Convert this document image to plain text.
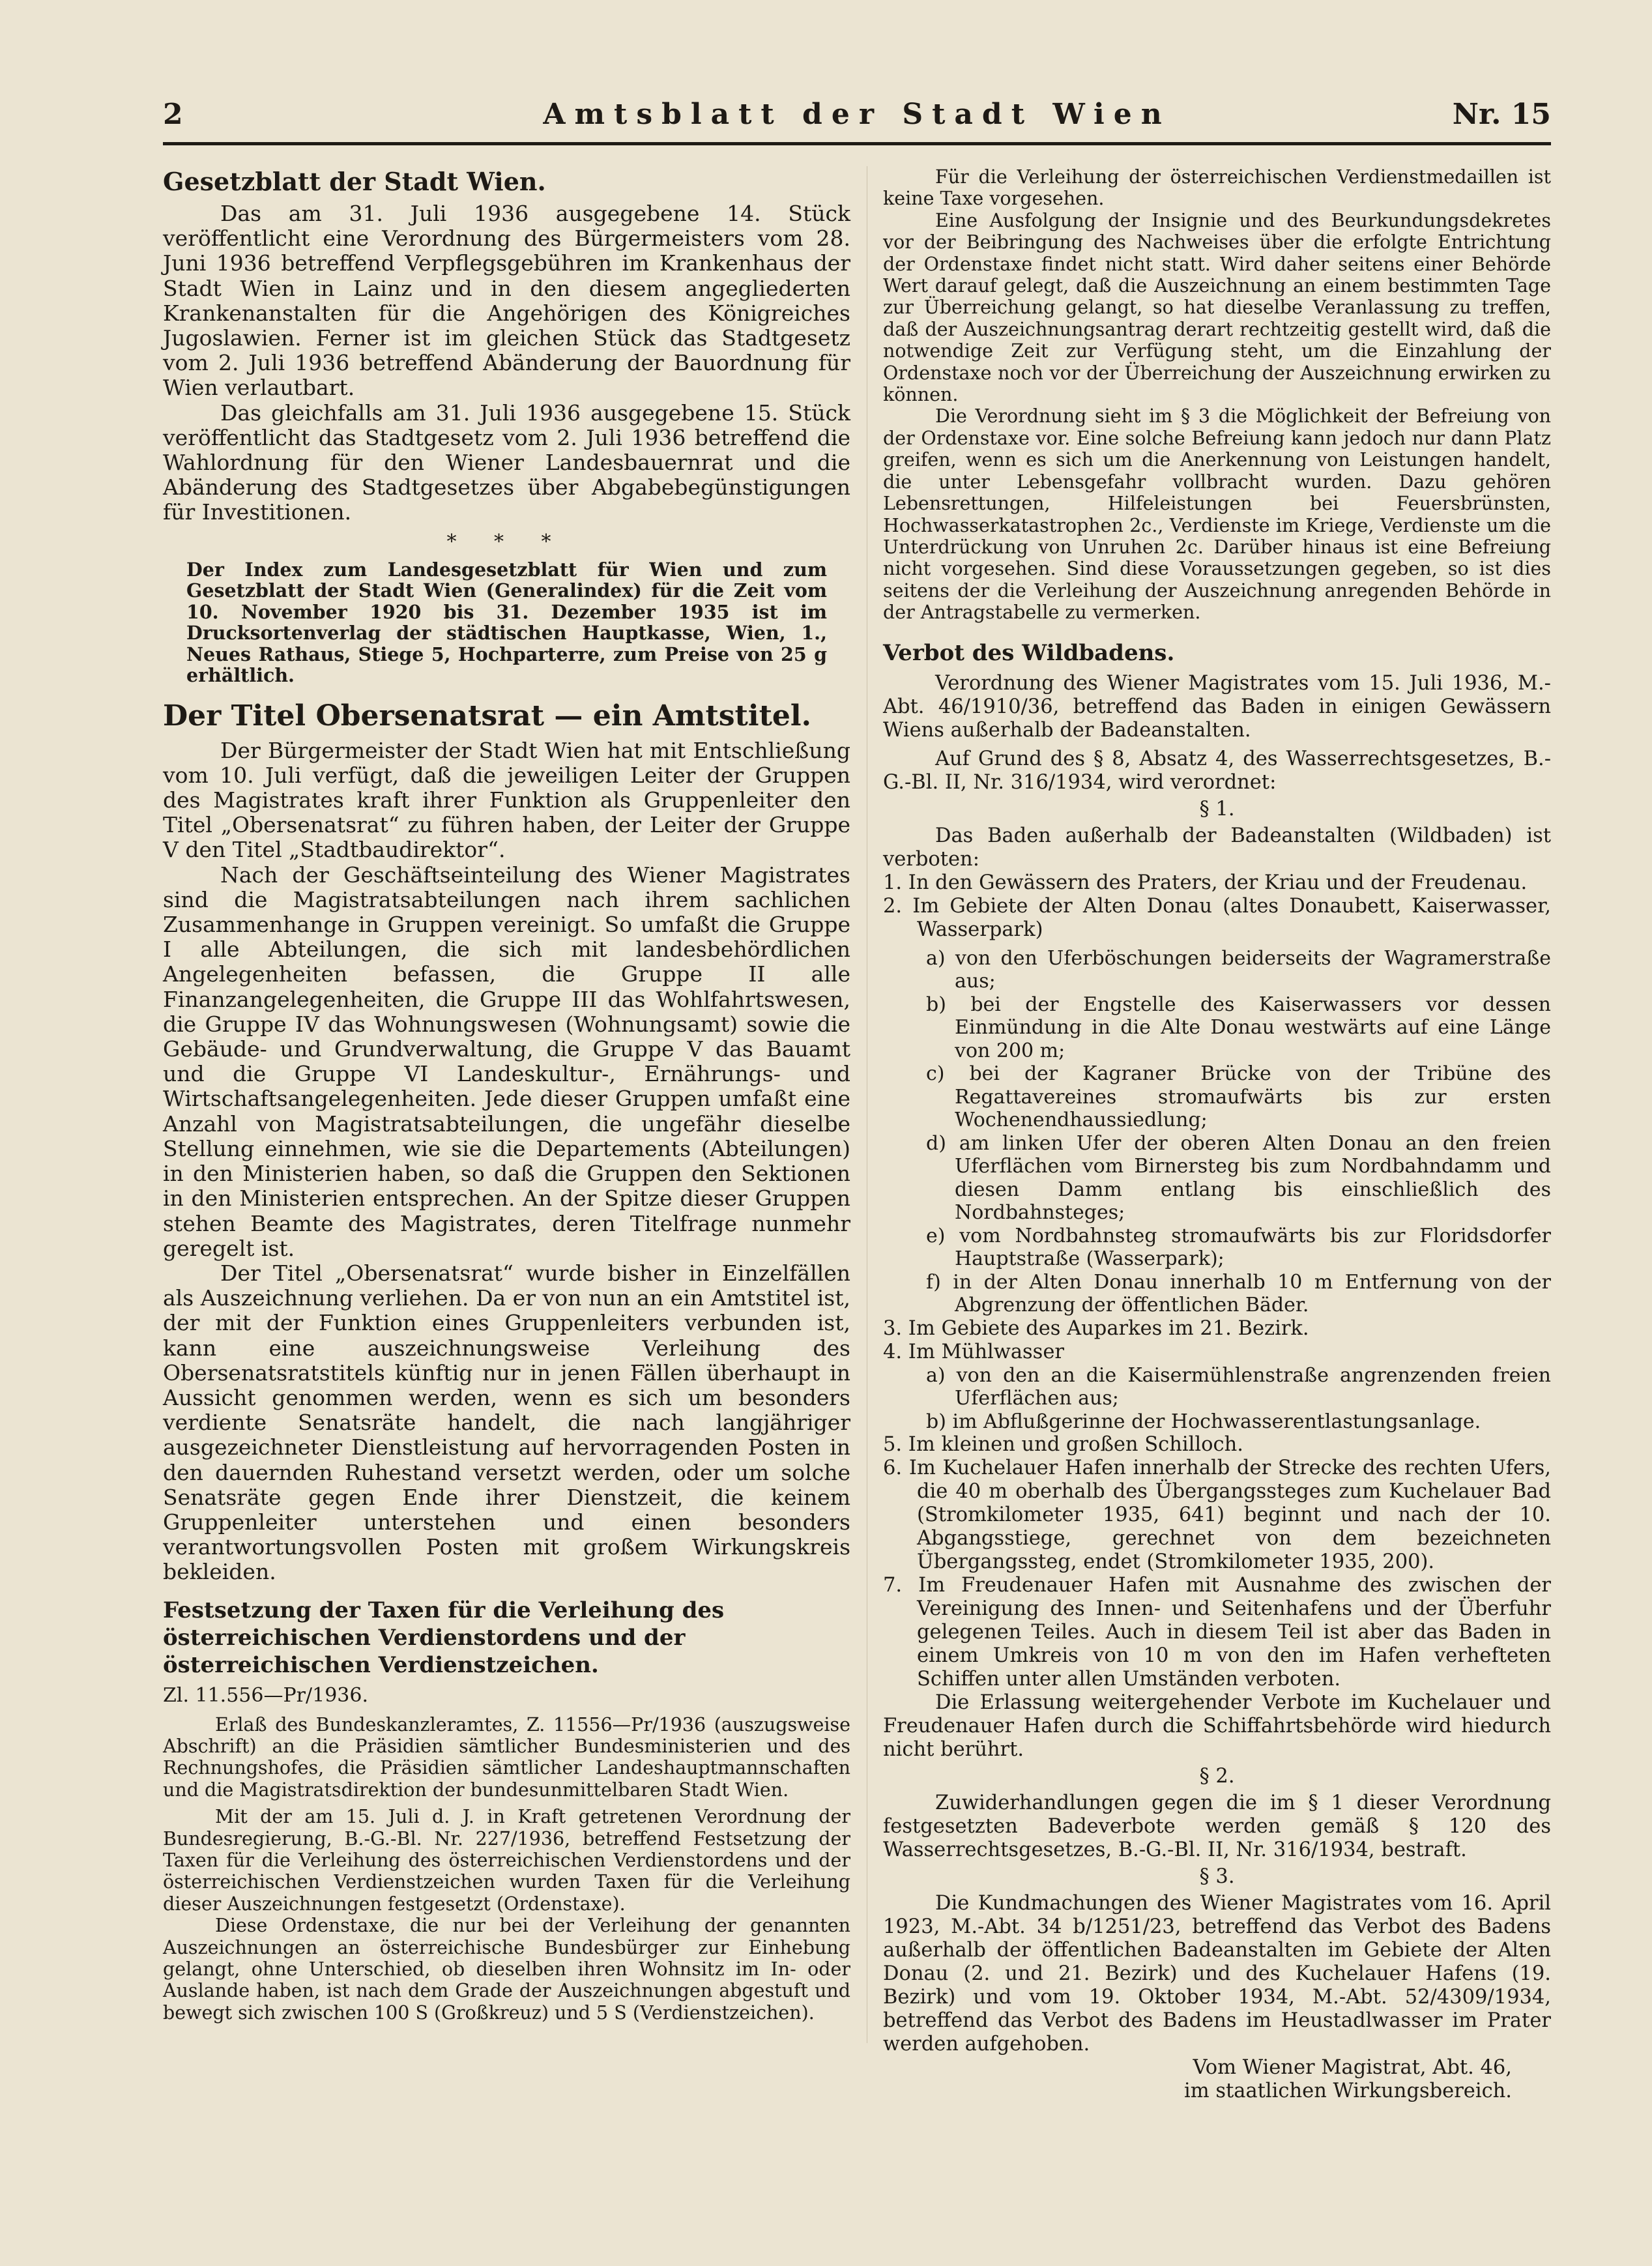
2	Amtsblatt der Stadt Wien	Nr. 15
Gesetzblatt der Stadt Wien.

Das am 31. Juli 1936 ausgegebene 14. Stück veröffentlicht eine Verordnung des Bürgermeisters vom 28. Juni 1936 betreffend Verpflegsgebühren im Krankenhaus der Stadt Wien in Lainz und in den diesem angegliederten Krankenanstalten für die Angehörigen des Königreiches Jugoslawien. Ferner ist im gleichen Stück das Stadtgesetz vom 2. Juli 1936 betreffend Abänderung der Bauordnung für Wien verlautbart.

Das gleichfalls am 31. Juli 1936 ausgegebene 15. Stück veröffentlicht das Stadtgesetz vom 2. Juli 1936 betreffend die Wahlordnung für den Wiener Landesbauernrat und die Abänderung des Stadtgesetzes über Abgabebegünstigungen für Investitionen.

* * *

Der Index zum Landesgesetzblatt für Wien und zum Gesetzblatt der Stadt Wien (Generalindex) für die Zeit vom 10. November 1920 bis 31. Dezember 1935 ist im Drucksortenverlag der städtischen Hauptkasse, Wien, 1., Neues Rathaus, Stiege 5, Hochparterre, zum Preise von 25 g erhältlich.

Der Titel Obersenatsrat — ein Amtstitel.

Der Bürgermeister der Stadt Wien hat mit Entschließung vom 10. Juli verfügt, daß die jeweiligen Leiter der Gruppen des Magistrates kraft ihrer Funktion als Gruppenleiter den Titel „Obersenatsrat“ zu führen haben, der Leiter der Gruppe V den Titel „Stadtbaudirektor“.

Nach der Geschäftseinteilung des Wiener Magistrates sind die Magistratsabteilungen nach ihrem sachlichen Zusammenhange in Gruppen vereinigt. So umfaßt die Gruppe I alle Abteilungen, die sich mit landesbehördlichen Angelegenheiten befassen, die Gruppe II alle Finanzangelegenheiten, die Gruppe III das Wohlfahrtswesen, die Gruppe IV das Wohnungswesen (Wohnungsamt) sowie die Gebäude- und Grundverwaltung, die Gruppe V das Bauamt und die Gruppe VI Landeskultur-, Ernährungs- und Wirtschaftsangelegenheiten. Jede dieser Gruppen umfaßt eine Anzahl von Magistratsabteilungen, die ungefähr dieselbe Stellung einnehmen, wie sie die Departements (Abteilungen) in den Ministerien haben, so daß die Gruppen den Sektionen in den Ministerien entsprechen. An der Spitze dieser Gruppen stehen Beamte des Magistrates, deren Titelfrage nunmehr geregelt ist.

Der Titel „Obersenatsrat“ wurde bisher in Einzelfällen als Auszeichnung verliehen. Da er von nun an ein Amtstitel ist, der mit der Funktion eines Gruppenleiters verbunden ist, kann eine auszeichnungsweise Verleihung des Obersenatsratstitels künftig nur in jenen Fällen überhaupt in Aussicht genommen werden, wenn es sich um besonders verdiente Senatsräte handelt, die nach langjähriger ausgezeichneter Dienstleistung auf hervorragenden Posten in den dauernden Ruhestand versetzt werden, oder um solche Senatsräte gegen Ende ihrer Dienstzeit, die keinem Gruppenleiter unterstehen und einen besonders verantwortungsvollen Posten mit großem Wirkungskreis bekleiden.

Festsetzung der Taxen für die Verleihung des österreichischen Verdienstordens und der österreichischen Verdienstzeichen.
Zl. 11.556—Pr/1936.

Erlaß des Bundeskanzleramtes, Z. 11556—Pr/1936 (auszugsweise Abschrift) an die Präsidien sämtlicher Bundesministerien und des Rechnungshofes, die Präsidien sämtlicher Landeshauptmannschaften und die Magistratsdirektion der bundesunmittelbaren Stadt Wien.

Mit der am 15. Juli d. J. in Kraft getretenen Verordnung der Bundesregierung, B.-G.-Bl. Nr. 227/1936, betreffend Festsetzung der Taxen für die Verleihung des österreichischen Verdienstordens und der österreichischen Verdienstzeichen wurden Taxen für die Verleihung dieser Auszeichnungen festgesetzt (Ordenstaxe).

Diese Ordenstaxe, die nur bei der Verleihung der genannten Auszeichnungen an österreichische Bundesbürger zur Einhebung gelangt, ohne Unterschied, ob dieselben ihren Wohnsitz im In- oder Auslande haben, ist nach dem Grade der Auszeichnungen abgestuft und bewegt sich zwischen 100 S (Großkreuz) und 5 S (Verdienstzeichen).

Für die Verleihung der österreichischen Verdienstmedaillen ist keine Taxe vorgesehen.

Eine Ausfolgung der Insignie und des Beurkundungsdekretes vor der Beibringung des Nachweises über die erfolgte Entrichtung der Ordenstaxe findet nicht statt. Wird daher seitens einer Behörde Wert darauf gelegt, daß die Auszeichnung an einem bestimmten Tage zur Überreichung gelangt, so hat dieselbe Veranlassung zu treffen, daß der Auszeichnungsantrag derart rechtzeitig gestellt wird, daß die notwendige Zeit zur Verfügung steht, um die Einzahlung der Ordenstaxe noch vor der Überreichung der Auszeichnung erwirken zu können.

Die Verordnung sieht im § 3 die Möglichkeit der Befreiung von der Ordenstaxe vor. Eine solche Befreiung kann jedoch nur dann Platz greifen, wenn es sich um die Anerkennung von Leistungen handelt, die unter Lebensgefahr vollbracht wurden. Dazu gehören Lebensrettungen, Hilfeleistungen bei Feuersbrünsten, Hochwasserkatastrophen 2c., Verdienste im Kriege, Verdienste um die Unterdrückung von Unruhen 2c. Darüber hinaus ist eine Befreiung nicht vorgesehen. Sind diese Voraussetzungen gegeben, so ist dies seitens der die Verleihung der Auszeichnung anregenden Behörde in der Antragstabelle zu vermerken.

Verbot des Wildbadens.

Verordnung des Wiener Magistrates vom 15. Juli 1936, M.-Abt. 46/1910/36, betreffend das Baden in einigen Gewässern Wiens außerhalb der Badeanstalten.

Auf Grund des § 8, Absatz 4, des Wasserrechtsgesetzes, B.-G.-Bl. II, Nr. 316/1934, wird verordnet:

§ 1.

Das Baden außerhalb der Badeanstalten (Wildbaden) ist verboten:

1. In den Gewässern des Praters, der Kriau und der Freudenau.

2. Im Gebiete der Alten Donau (altes Donaubett, Kaiserwasser, Wasserpark)

a) von den Uferböschungen beiderseits der Wagramerstraße aus;

b) bei der Engstelle des Kaiserwassers vor dessen Einmündung in die Alte Donau westwärts auf eine Länge von 200 m;

c) bei der Kagraner Brücke von der Tribüne des Regattavereines stromaufwärts bis zur ersten Wochenendhaussiedlung;

d) am linken Ufer der oberen Alten Donau an den freien Uferflächen vom Birnersteg bis zum Nordbahndamm und diesen Damm entlang bis einschließlich des Nordbahnsteges;

e) vom Nordbahnsteg stromaufwärts bis zur Floridsdorfer Hauptstraße (Wasserpark);

f) in der Alten Donau innerhalb 10 m Entfernung von der Abgrenzung der öffentlichen Bäder.

3. Im Gebiete des Auparkes im 21. Bezirk.

4. Im Mühlwasser

a) von den an die Kaisermühlenstraße angrenzenden freien Uferflächen aus;

b) im Abflußgerinne der Hochwasserentlastungsanlage.

5. Im kleinen und großen Schilloch.

6. Im Kuchelauer Hafen innerhalb der Strecke des rechten Ufers, die 40 m oberhalb des Übergangssteges zum Kuchelauer Bad (Stromkilometer 1935, 641) beginnt und nach der 10. Abgangsstiege, gerechnet von dem bezeichneten Übergangssteg, endet (Stromkilometer 1935, 200).

7. Im Freudenauer Hafen mit Ausnahme des zwischen der Vereinigung des Innen- und Seitenhafens und der Überfuhr gelegenen Teiles. Auch in diesem Teil ist aber das Baden in einem Umkreis von 10 m von den im Hafen verhefteten Schiffen unter allen Umständen verboten.

Die Erlassung weitergehender Verbote im Kuchelauer und Freudenauer Hafen durch die Schiffahrtsbehörde wird hiedurch nicht berührt.

§ 2.

Zuwiderhandlungen gegen die im § 1 dieser Verordnung festgesetzten Badeverbote werden gemäß § 120 des Wasserrechtsgesetzes, B.-G.-Bl. II, Nr. 316/1934, bestraft.

§ 3.

Die Kundmachungen des Wiener Magistrates vom 16. April 1923, M.-Abt. 34 b/1251/23, betreffend das Verbot des Badens außerhalb der öffentlichen Badeanstalten im Gebiete der Alten Donau (2. und 21. Bezirk) und des Kuchelauer Hafens (19. Bezirk) und vom 19. Oktober 1934, M.-Abt. 52/4309/1934, betreffend das Verbot des Badens im Heustadlwasser im Prater werden aufgehoben.

Vom Wiener Magistrat, Abt. 46,
im staatlichen Wirkungsbereich.
